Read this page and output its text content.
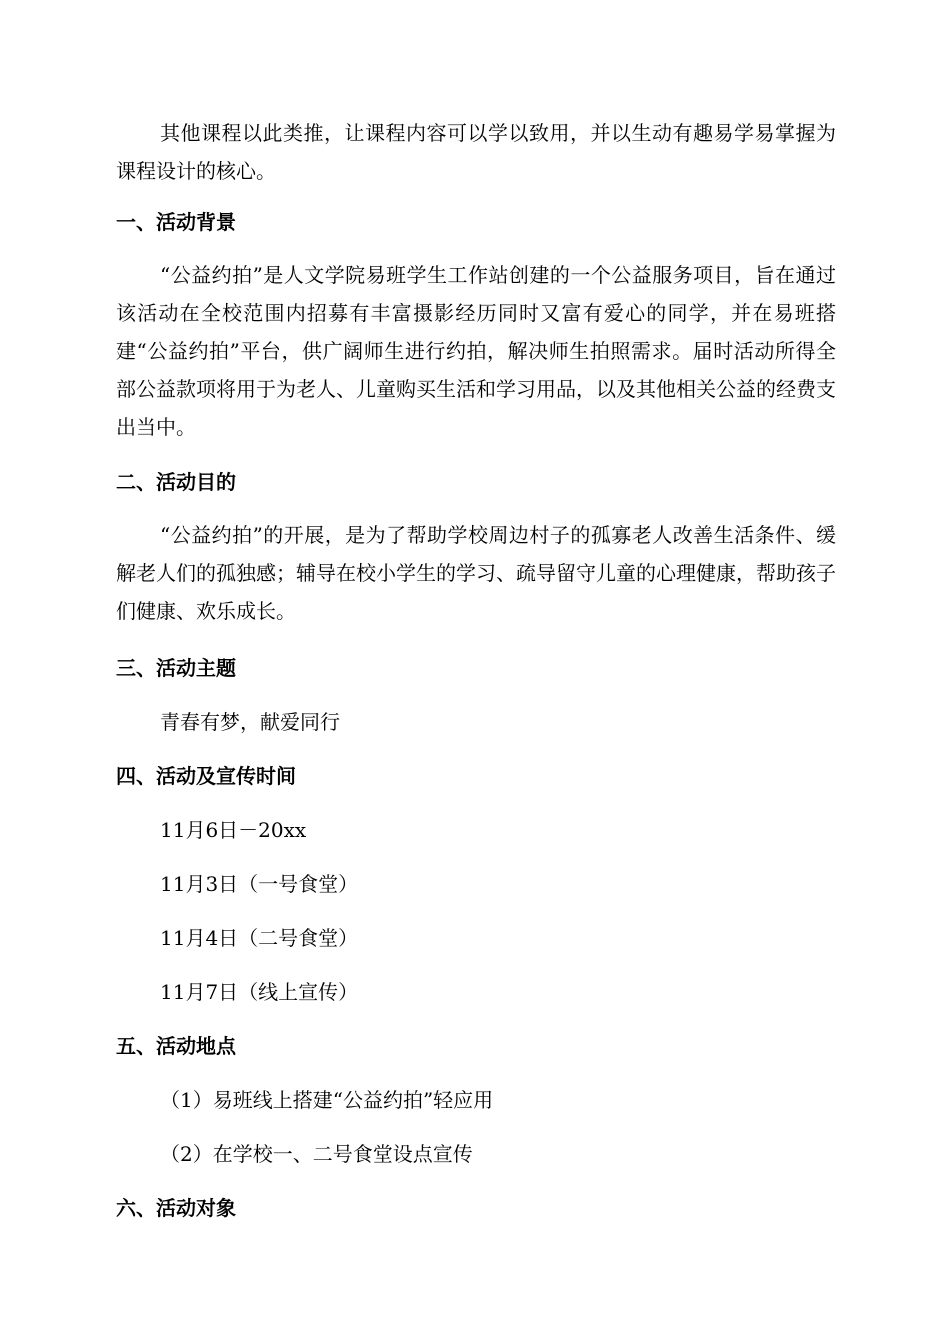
其他课程以此类推，让课程内容可以学以致用，并以生动有趣易学易掌握为课程设计的核心。

一、活动背景

“公益约拍”是人文学院易班学生工作站创建的一个公益服务项目，旨在通过该活动在全校范围内招募有丰富摄影经历同时又富有爱心的同学，并在易班搭建“公益约拍”平台，供广阔师生进行约拍，解决师生拍照需求。届时活动所得全部公益款项将用于为老人、儿童购买生活和学习用品，以及其他相关公益的经费支出当中。

二、活动目的

“公益约拍”的开展，是为了帮助学校周边村子的孤寡老人改善生活条件、缓解老人们的孤独感；辅导在校小学生的学习、疏导留守儿童的心理健康，帮助孩子们健康、欢乐成长。

三、活动主题

青春有梦，献爱同行

四、活动及宣传时间

11月6日－20xx

11月3日（一号食堂）

11月4日（二号食堂）

11月7日（线上宣传）

五、活动地点

（1）易班线上搭建“公益约拍”轻应用

（2）在学校一、二号食堂设点宣传

六、活动对象
